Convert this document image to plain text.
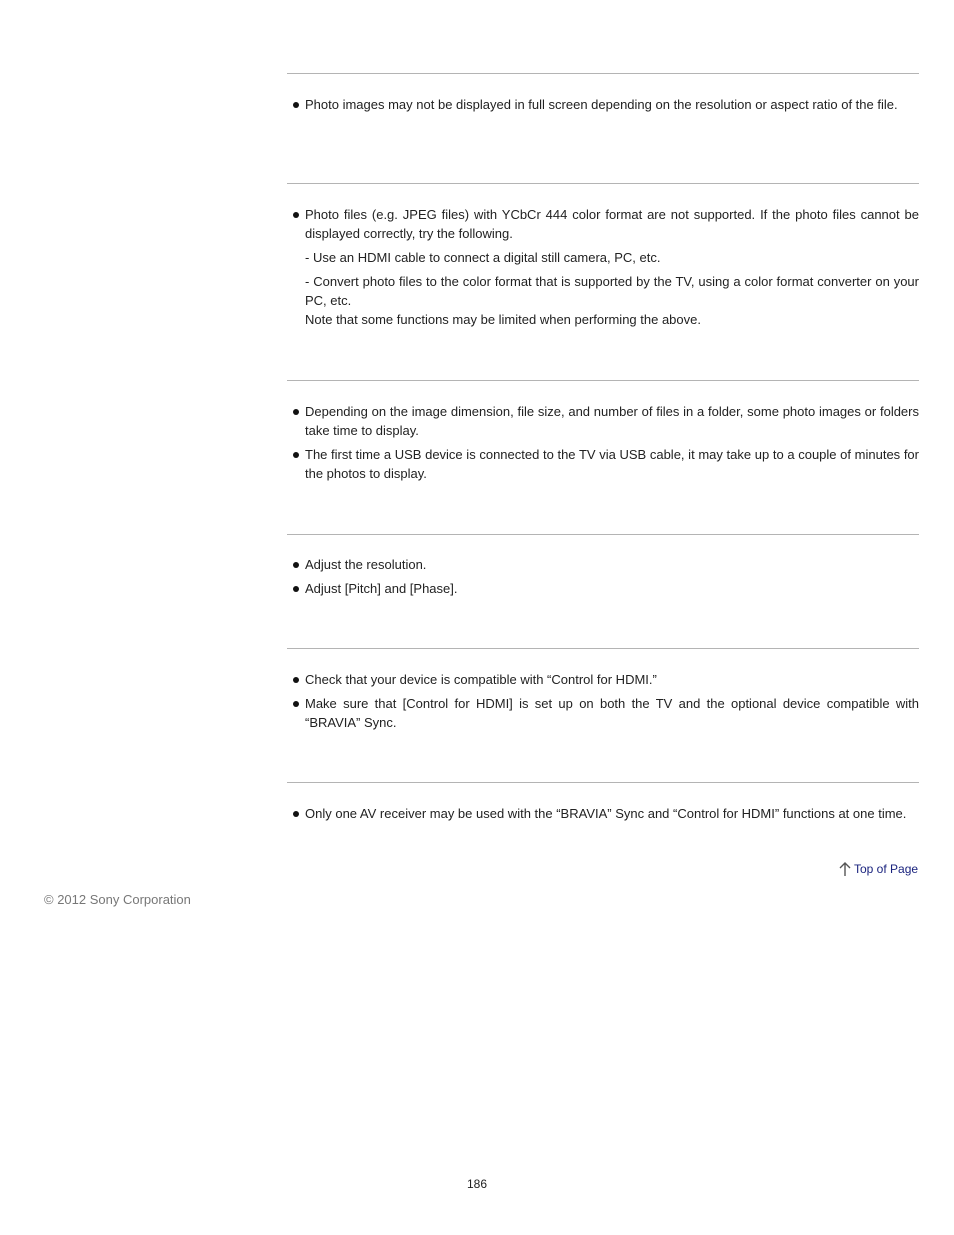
Photo images may not be displayed in full screen depending on the resolution or aspect ratio of the file.
Photo files (e.g. JPEG files) with YCbCr 444 color format are not supported. If the photo files cannot be displayed correctly, try the following.
- Use an HDMI cable to connect a digital still camera, PC, etc.
- Convert photo files to the color format that is supported by the TV, using a color format converter on your PC, etc.
Note that some functions may be limited when performing the above.
Depending on the image dimension, file size, and number of files in a folder, some photo images or folders take time to display.
The first time a USB device is connected to the TV via USB cable, it may take up to a couple of minutes for the photos to display.
Adjust the resolution.
Adjust [Pitch] and [Phase].
Check that your device is compatible with “Control for HDMI.”
Make sure that [Control for HDMI] is set up on both the TV and the optional device compatible with “BRAVIA” Sync.
Only one AV receiver may be used with the “BRAVIA” Sync and “Control for HDMI” functions at one time.
Top of Page
© 2012 Sony Corporation
186
